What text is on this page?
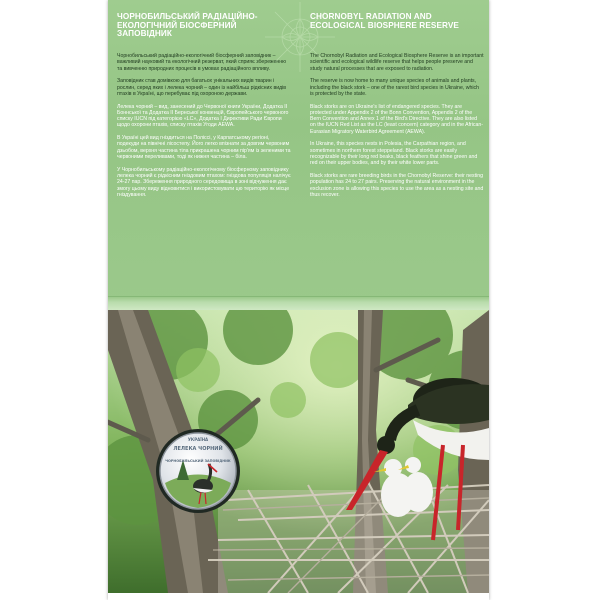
ЧОРНОБИЛЬСЬКИЙ РАДІАЦІЙНО-ЕКОЛОГІЧНИЙ БІОСФЕРНИЙ ЗАПОВІДНИК
Чорнобильський радіаційно-екологічний біосферний заповідник – важливий науковий та екологічний резерват, який сприяє збереженню та вивченню природних процесів в умовах радіаційного впливу.
Заповідник став домівкою для багатьох унікальних видів тварин і рослин, серед яких і лелека чорний – один із найбільш рідкісних видів птахів в Україні, що перебуває під охороною держави.
Лелека чорний – вид, занесений до Червоної книги України, Додатка II Боннської та Додатка II Бернської конвенцій, Європейського червоного списку IUCN під категорією «LC», Додатка I Директиви Ради Європи щодо охорони птахів, списку птахів Угоди AEWA.
В Україні цей вид гніздиться на Поліссі, у Карпатському регіоні, подекуди на північні лісостепу. Його легко впізнати за довгим червоним дзьобом, верхня частина тіла прикрашена чорним пір'ям із зеленими та червоними переливами, тоді як нижня частина – біла.
У Чорнобильському радіаційно-екологічному біосферному заповіднику лелека чорний є рідкісним гніздовим птахом: гніздова популяція налічує 24-27 пар. Збереження природного середовища в зоні відчуження дає змогу цьому виду відновитися і використовувати цю територію як місце гніздування.
CHORNOBYL RADIATION AND ECOLOGICAL BIOSPHERE RESERVE
The Chornobyl Radiation and Ecological Biosphere Reserve is an important scientific and ecological wildlife reserve that helps people preserve and study natural processes that are exposed to radiation.
The reserve is now home to many unique species of animals and plants, including the black stork – one of the rarest bird species in Ukraine, which is protected by the state.
Black storks are on Ukraine's list of endangered species. They are protected under Appendix 2 of the Bonn Convention, Appendix 2 of the Bern Convention and Annex 1 of the Bird's Directive. They are also listed on the IUCN Red List as the LC (least concern) category and in the African-Eurasian Migratory Waterbird Agreement (AEWA).
In Ukraine, this species nests in Polesia, the Carpathian region, and sometimes in northern forest steppeland. Black storks are easily recognizable by their long red beaks, black feathers that shine green and red on their upper bodies, and by their white lower parts.
Black storks are rare breeding birds in the Chornobyl Reserve: their nesting population has 24 to 27 pairs. Preserving the natural environment in the exclusion zone is allowing this species to use the area as a nesting site and thus recover.
УКРАЇНА
ЛЕЛЕКА ЧОРНИЙ
ЧОРНОБИЛЬСЬКИЙ ЗАПОВІДНИК
